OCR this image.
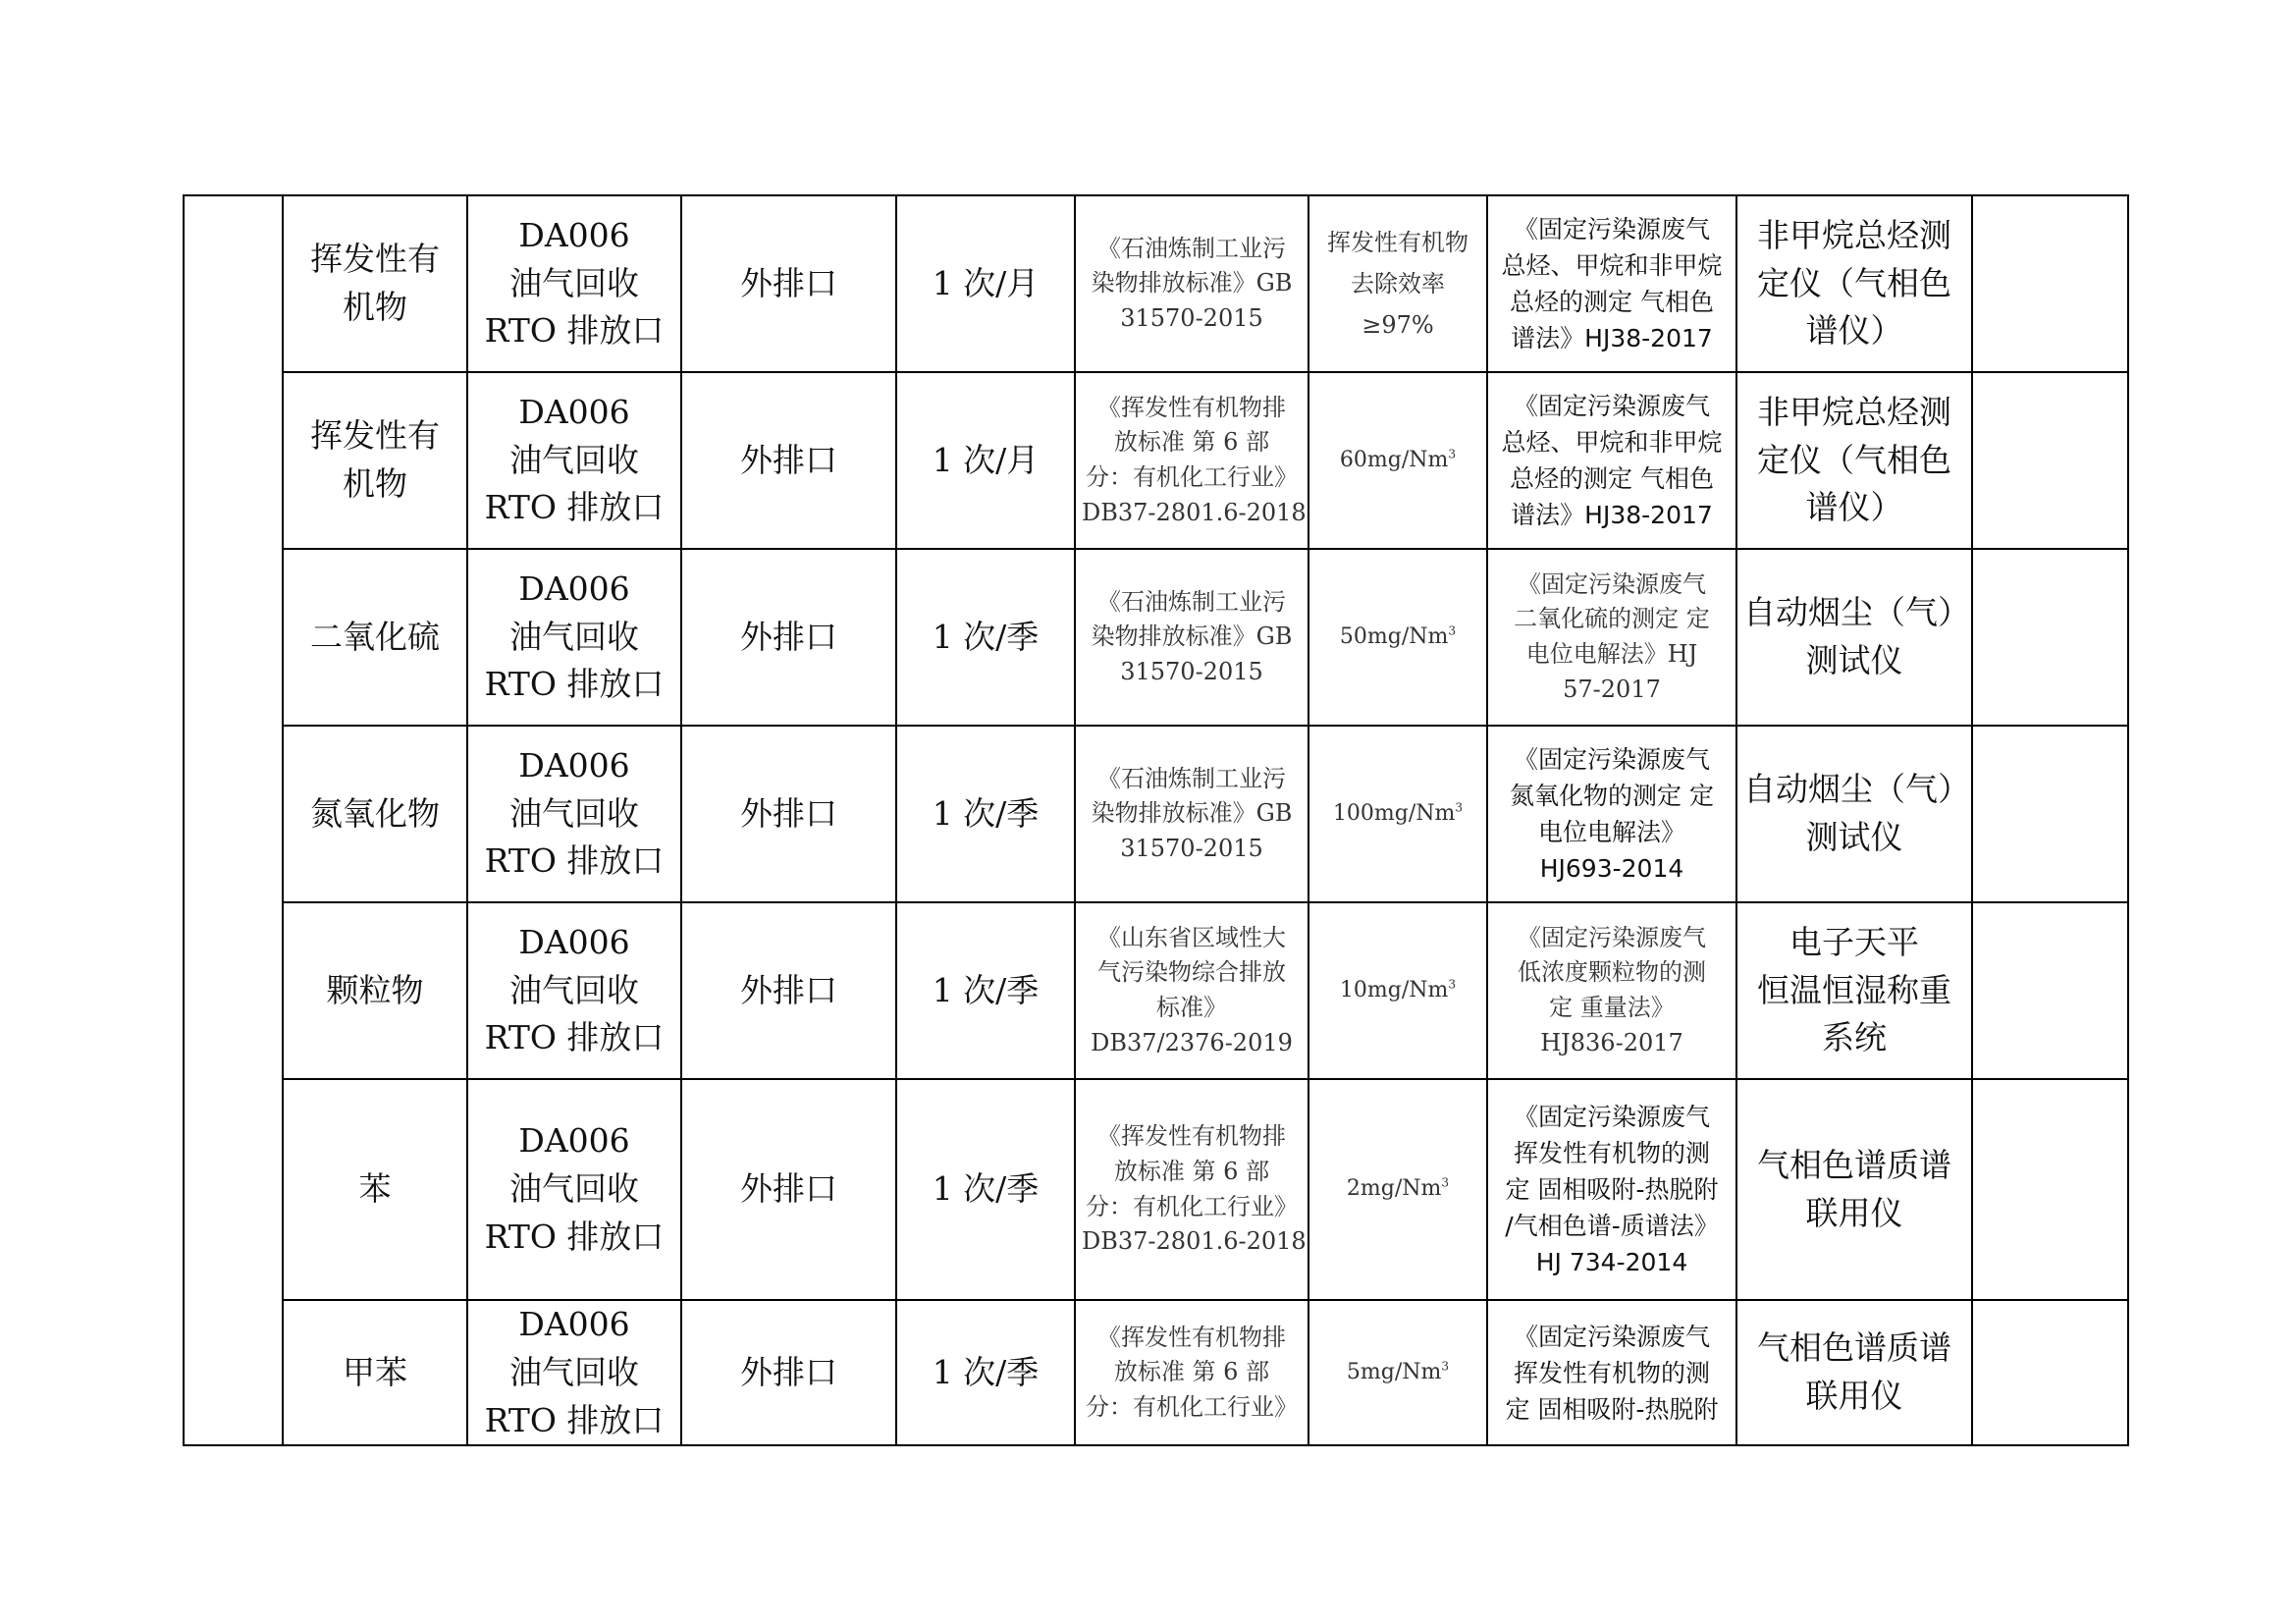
	挥发性有
机物	DA006
油气回收
RTO 排放口	外排口	1 次/月	《石油炼制工业污
染物排放标准》GB
31570-2015	挥发性有机物
去除效率
≥97%	《固定污染源废气
总烃、甲烷和非甲烷
总烃的测定 气相色
谱法》HJ38-2017	非甲烷总烃测
定仪（气相色
谱仪）	

	挥发性有
机物	DA006
油气回收
RTO 排放口	外排口	1 次/月	《挥发性有机物排
放标准 第 6 部
分：有机化工行业》
DB37-2801.6-2018	60mg/Nm$^3$	《固定污染源废气
总烃、甲烷和非甲烷
总烃的测定 气相色
谱法》HJ38-2017	非甲烷总烃测
定仪（气相色
谱仪）	

	二氧化硫	DA006
油气回收
RTO 排放口	外排口	1 次/季	《石油炼制工业污
染物排放标准》GB
31570-2015	50mg/Nm$^3$	《固定污染源废气
二氧化硫的测定 定
电位电解法》HJ
57-2017	自动烟尘（气）
测试仪	

	氮氧化物	DA006
油气回收
RTO 排放口	外排口	1 次/季	《石油炼制工业污
染物排放标准》GB
31570-2015	100mg/Nm$^3$	《固定污染源废气
氮氧化物的测定 定
电位电解法》
HJ693-2014	自动烟尘（气）
测试仪	

	颗粒物	DA006
油气回收
RTO 排放口	外排口	1 次/季	《山东省区域性大
气污染物综合排放
标准》
DB37/2376-2019	10mg/Nm$^3$	《固定污染源废气
低浓度颗粒物的测
定 重量法》
HJ836-2017	电子天平
恒温恒湿称重
系统	

	苯	DA006
油气回收
RTO 排放口	外排口	1 次/季	《挥发性有机物排
放标准 第 6 部
分：有机化工行业》
DB37-2801.6-2018	2mg/Nm$^3$	《固定污染源废气
挥发性有机物的测
定 固相吸附-热脱附
/气相色谱-质谱法》
HJ 734-2014	气相色谱质谱
联用仪	

	甲苯	DA006
油气回收
RTO 排放口	外排口	1 次/季	《挥发性有机物排
放标准 第 6 部
分：有机化工行业》	5mg/Nm$^3$	《固定污染源废气
挥发性有机物的测
定 固相吸附-热脱附	气相色谱质谱
联用仪	
